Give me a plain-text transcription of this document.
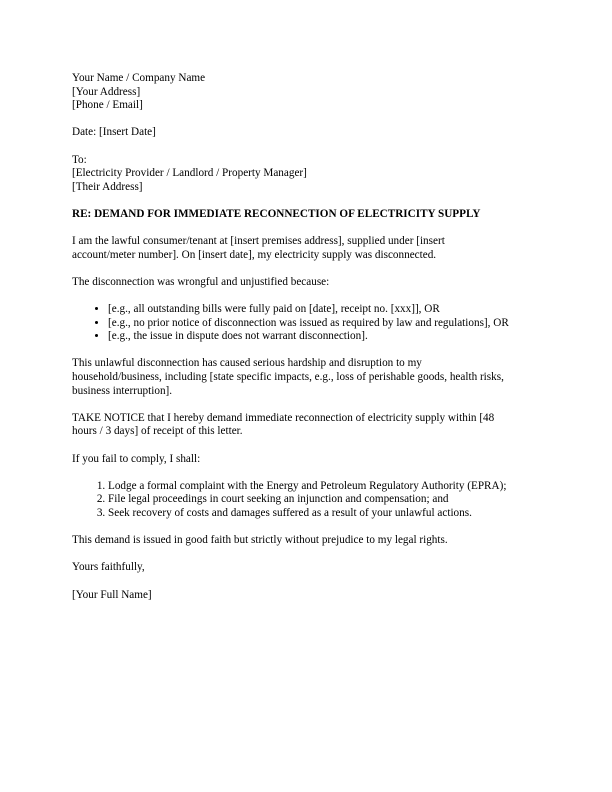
Your Name / Company Name
[Your Address]
[Phone / Email]
Date: [Insert Date]
To:
[Electricity Provider / Landlord / Property Manager]
[Their Address]
RE: DEMAND FOR IMMEDIATE RECONNECTION OF ELECTRICITY SUPPLY
I am the lawful consumer/tenant at [insert premises address], supplied under [insert
account/meter number]. On [insert date], my electricity supply was disconnected.
The disconnection was wrongful and unjustified because:
• [e.g., all outstanding bills were fully paid on [date], receipt no. [xxx]], OR
• [e.g., no prior notice of disconnection was issued as required by law and regulations], OR
• [e.g., the issue in dispute does not warrant disconnection].
This unlawful disconnection has caused serious hardship and disruption to my
household/business, including [state specific impacts, e.g., loss of perishable goods, health risks,
business interruption].
TAKE NOTICE that I hereby demand immediate reconnection of electricity supply within [48
hours / 3 days] of receipt of this letter.
If you fail to comply, I shall:
1. Lodge a formal complaint with the Energy and Petroleum Regulatory Authority (EPRA);
2. File legal proceedings in court seeking an injunction and compensation; and
3. Seek recovery of costs and damages suffered as a result of your unlawful actions.
This demand is issued in good faith but strictly without prejudice to my legal rights.
Yours faithfully,
[Your Full Name]
